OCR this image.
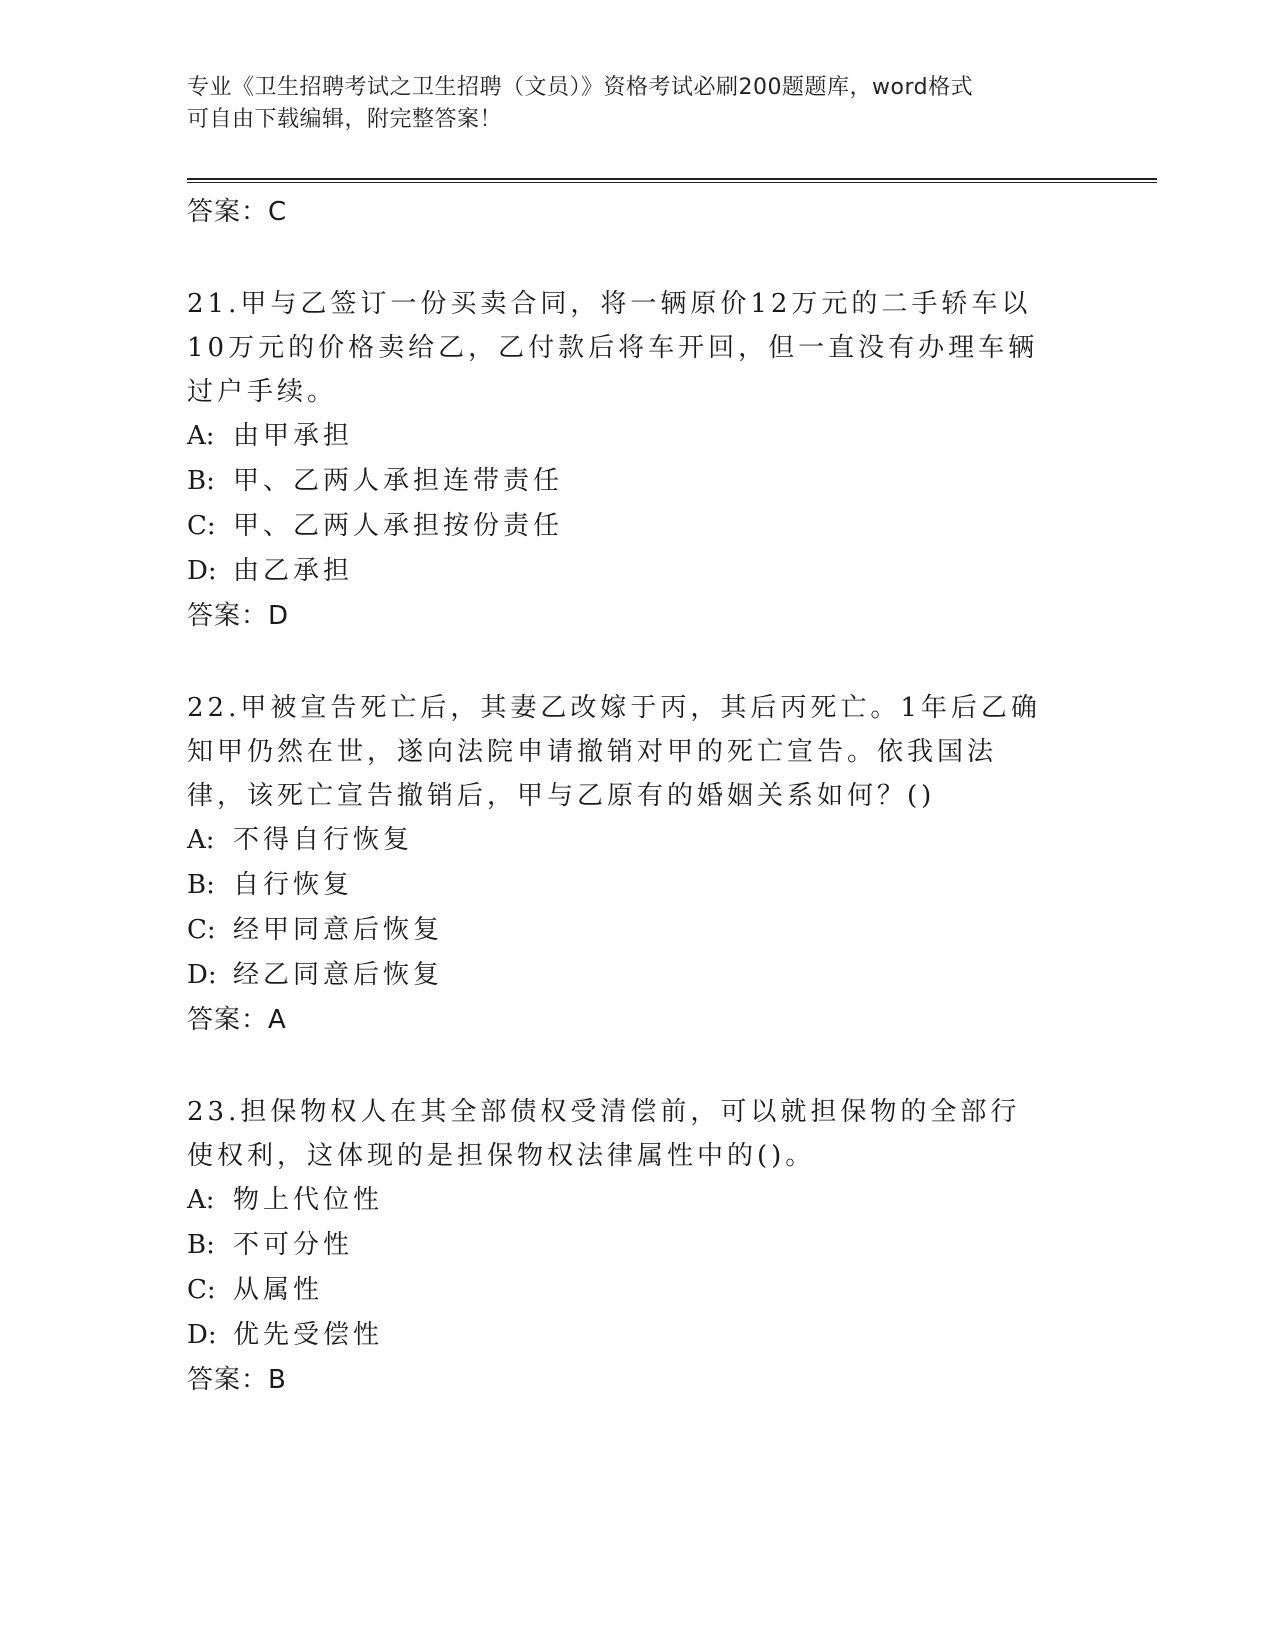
专业《卫生招聘考试之卫生招聘（文员）》资格考试必刷200题题库，word格式
可自由下载编辑，附完整答案！
答案：C
21.甲与乙签订一份买卖合同，将一辆原价12万元的二手轿车以10万元的价格卖给乙，乙付款后将车开回，但一直没有办理车辆过户手续。
A: 由甲承担
B: 甲、乙两人承担连带责任
C: 甲、乙两人承担按份责任
D: 由乙承担
答案：D
22.甲被宣告死亡后，其妻乙改嫁于丙，其后丙死亡。1年后乙确知甲仍然在世，遂向法院申请撤销对甲的死亡宣告。依我国法律，该死亡宣告撤销后，甲与乙原有的婚姻关系如何？()
A: 不得自行恢复
B: 自行恢复
C: 经甲同意后恢复
D: 经乙同意后恢复
答案：A
23.担保物权人在其全部债权受清偿前，可以就担保物的全部行使权利，这体现的是担保物权法律属性中的()。
A: 物上代位性
B: 不可分性
C: 从属性
D: 优先受偿性
答案：B
